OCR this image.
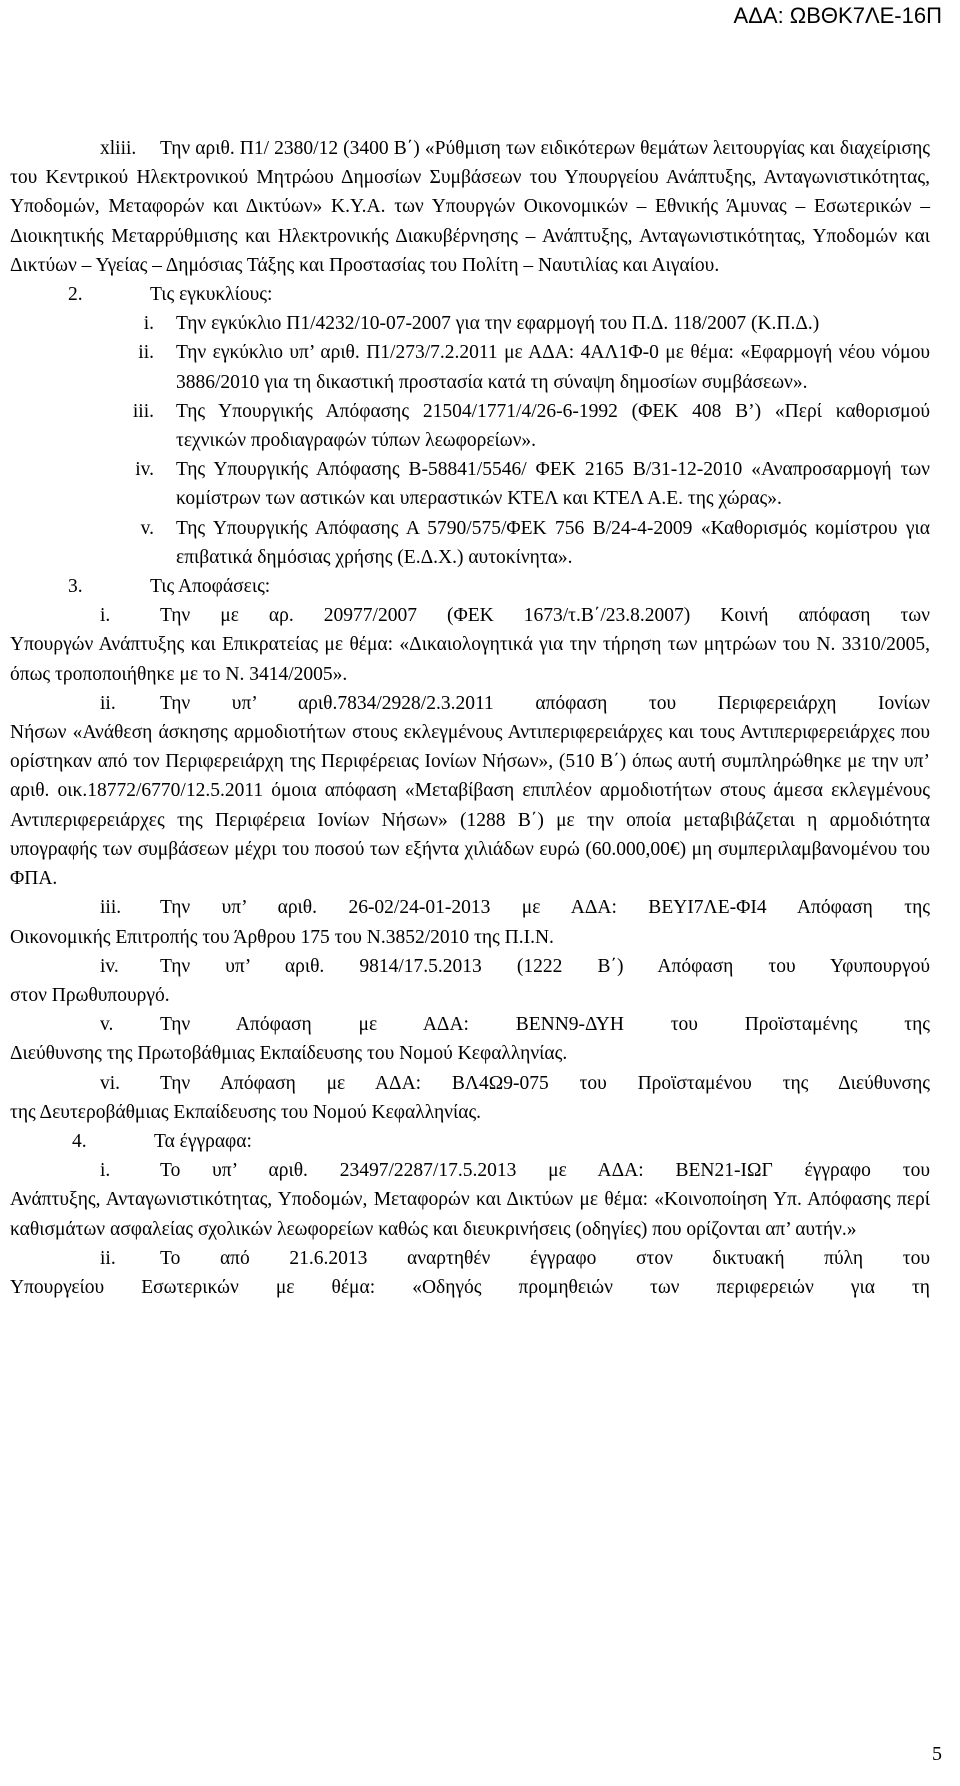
ΑΔΑ: ΩΒΘΚ7ΛΕ-16Π
xliii.	Την αριθ. Π1/ 2380/12 (3400 Β΄) «Ρύθμιση των ειδικότερων θεμάτων λειτουργίας και διαχείρισης του Κεντρικού Ηλεκτρονικού Μητρώου Δημοσίων Συμβάσεων του Υπουργείου Ανάπτυξης, Ανταγωνιστικότητας, Υποδομών, Μεταφορών και Δικτύων» Κ.Υ.Α. των Υπουργών Οικονομικών – Εθνικής Άμυνας – Εσωτερικών – Διοικητικής Μεταρρύθμισης και Ηλεκτρονικής Διακυβέρνησης – Ανάπτυξης, Ανταγωνιστικότητας, Υποδομών και Δικτύων – Υγείας – Δημόσιας Τάξης και Προστασίας του Πολίτη – Ναυτιλίας και Αιγαίου.

2.	Τις εγκυκλίους:
i.	Την εγκύκλιο Π1/4232/10-07-2007 για την εφαρμογή του Π.Δ. 118/2007 (Κ.Π.Δ.)
ii.	Την εγκύκλιο υπ’ αριθ. Π1/273/7.2.2011 με ΑΔΑ: 4ΑΛ1Φ-0 με θέμα: «Εφαρμογή νέου νόμου 3886/2010 για τη δικαστική προστασία κατά τη σύναψη δημοσίων συμβάσεων».
iii.	Της Υπουργικής Απόφασης 21504/1771/4/26-6-1992 (ΦΕΚ 408 Β’) «Περί καθορισμού τεχνικών προδιαγραφών τύπων λεωφορείων».
iv.	Της Υπουργικής Απόφασης Β-58841/5546/ ΦΕΚ 2165 Β/31-12-2010 «Αναπροσαρμογή των κομίστρων των αστικών και υπεραστικών ΚΤΕΛ και ΚΤΕΛ Α.Ε. της χώρας».
v.	Της Υπουργικής Απόφασης Α 5790/575/ΦΕΚ 756 Β/24-4-2009 «Καθορισμός κομίστρου για επιβατικά δημόσιας χρήσης (Ε.Δ.Χ.) αυτοκίνητα».
3.	Τις Αποφάσεις:
i.	Την με αρ. 20977/2007 (ΦΕΚ 1673/τ.Β΄/23.8.2007) Κοινή απόφαση των
Υπουργών Ανάπτυξης και Επικρατείας με θέμα: «Δικαιολογητικά για την τήρηση των μητρώων του Ν. 3310/2005, όπως τροποποιήθηκε με το Ν. 3414/2005».
ii.	Την υπ’ αριθ.7834/2928/2.3.2011 απόφαση του Περιφερειάρχη Ιονίων
Νήσων «Ανάθεση άσκησης αρμοδιοτήτων στους εκλεγμένους Αντιπεριφερειάρχες και τους Αντιπεριφερειάρχες που ορίστηκαν από τον Περιφερειάρχη της Περιφέρειας Ιονίων Νήσων», (510 Β΄) όπως αυτή συμπληρώθηκε με την υπ’ αριθ. οικ.18772/6770/12.5.2011 όμοια απόφαση «Μεταβίβαση επιπλέον αρμοδιοτήτων στους άμεσα εκλεγμένους Αντιπεριφερειάρχες της Περιφέρεια Ιονίων Νήσων» (1288 Β΄) με την οποία μεταβιβάζεται η αρμοδιότητα υπογραφής των συμβάσεων μέχρι του ποσού των εξήντα χιλιάδων ευρώ (60.000,00€) μη συμπεριλαμβανομένου του ΦΠΑ.
iii.	Την υπ’ αριθ. 26-02/24-01-2013 με ΑΔΑ: ΒΕΥΙ7ΛΕ-ΦΙ4 Απόφαση της
Οικονομικής Επιτροπής του Άρθρου 175 του Ν.3852/2010 της Π.Ι.Ν.
iv.	Την υπ’ αριθ. 9814/17.5.2013 (1222 Β΄) Απόφαση του Υφυπουργού
στον Πρωθυπουργό.
v.	Την Απόφαση με ΑΔΑ: ΒΕΝΝ9-ΔΥΗ του Προϊσταμένης της
Διεύθυνσης της Πρωτοβάθμιας Εκπαίδευσης του Νομού Κεφαλληνίας.
vi.	Την Απόφαση με ΑΔΑ: ΒΛ4Ω9-075 του Προϊσταμένου της Διεύθυνσης
της Δευτεροβάθμιας Εκπαίδευσης του Νομού Κεφαλληνίας.
4.	Τα έγγραφα:
i.	Το υπ’ αριθ. 23497/2287/17.5.2013 με ΑΔΑ: ΒΕΝ21-ΙΩΓ έγγραφο του
Ανάπτυξης, Ανταγωνιστικότητας, Υποδομών, Μεταφορών και Δικτύων με θέμα: «Κοινοποίηση Υπ. Απόφασης περί καθισμάτων ασφαλείας σχολικών λεωφορείων καθώς και διευκρινήσεις (οδηγίες) που ορίζονται απ’ αυτήν.»
ii.	Το από 21.6.2013 αναρτηθέν έγγραφο στον δικτυακή πύλη του
Υπουργείου Εσωτερικών με θέμα: «Οδηγός προμηθειών των περιφερειών για τη
5
